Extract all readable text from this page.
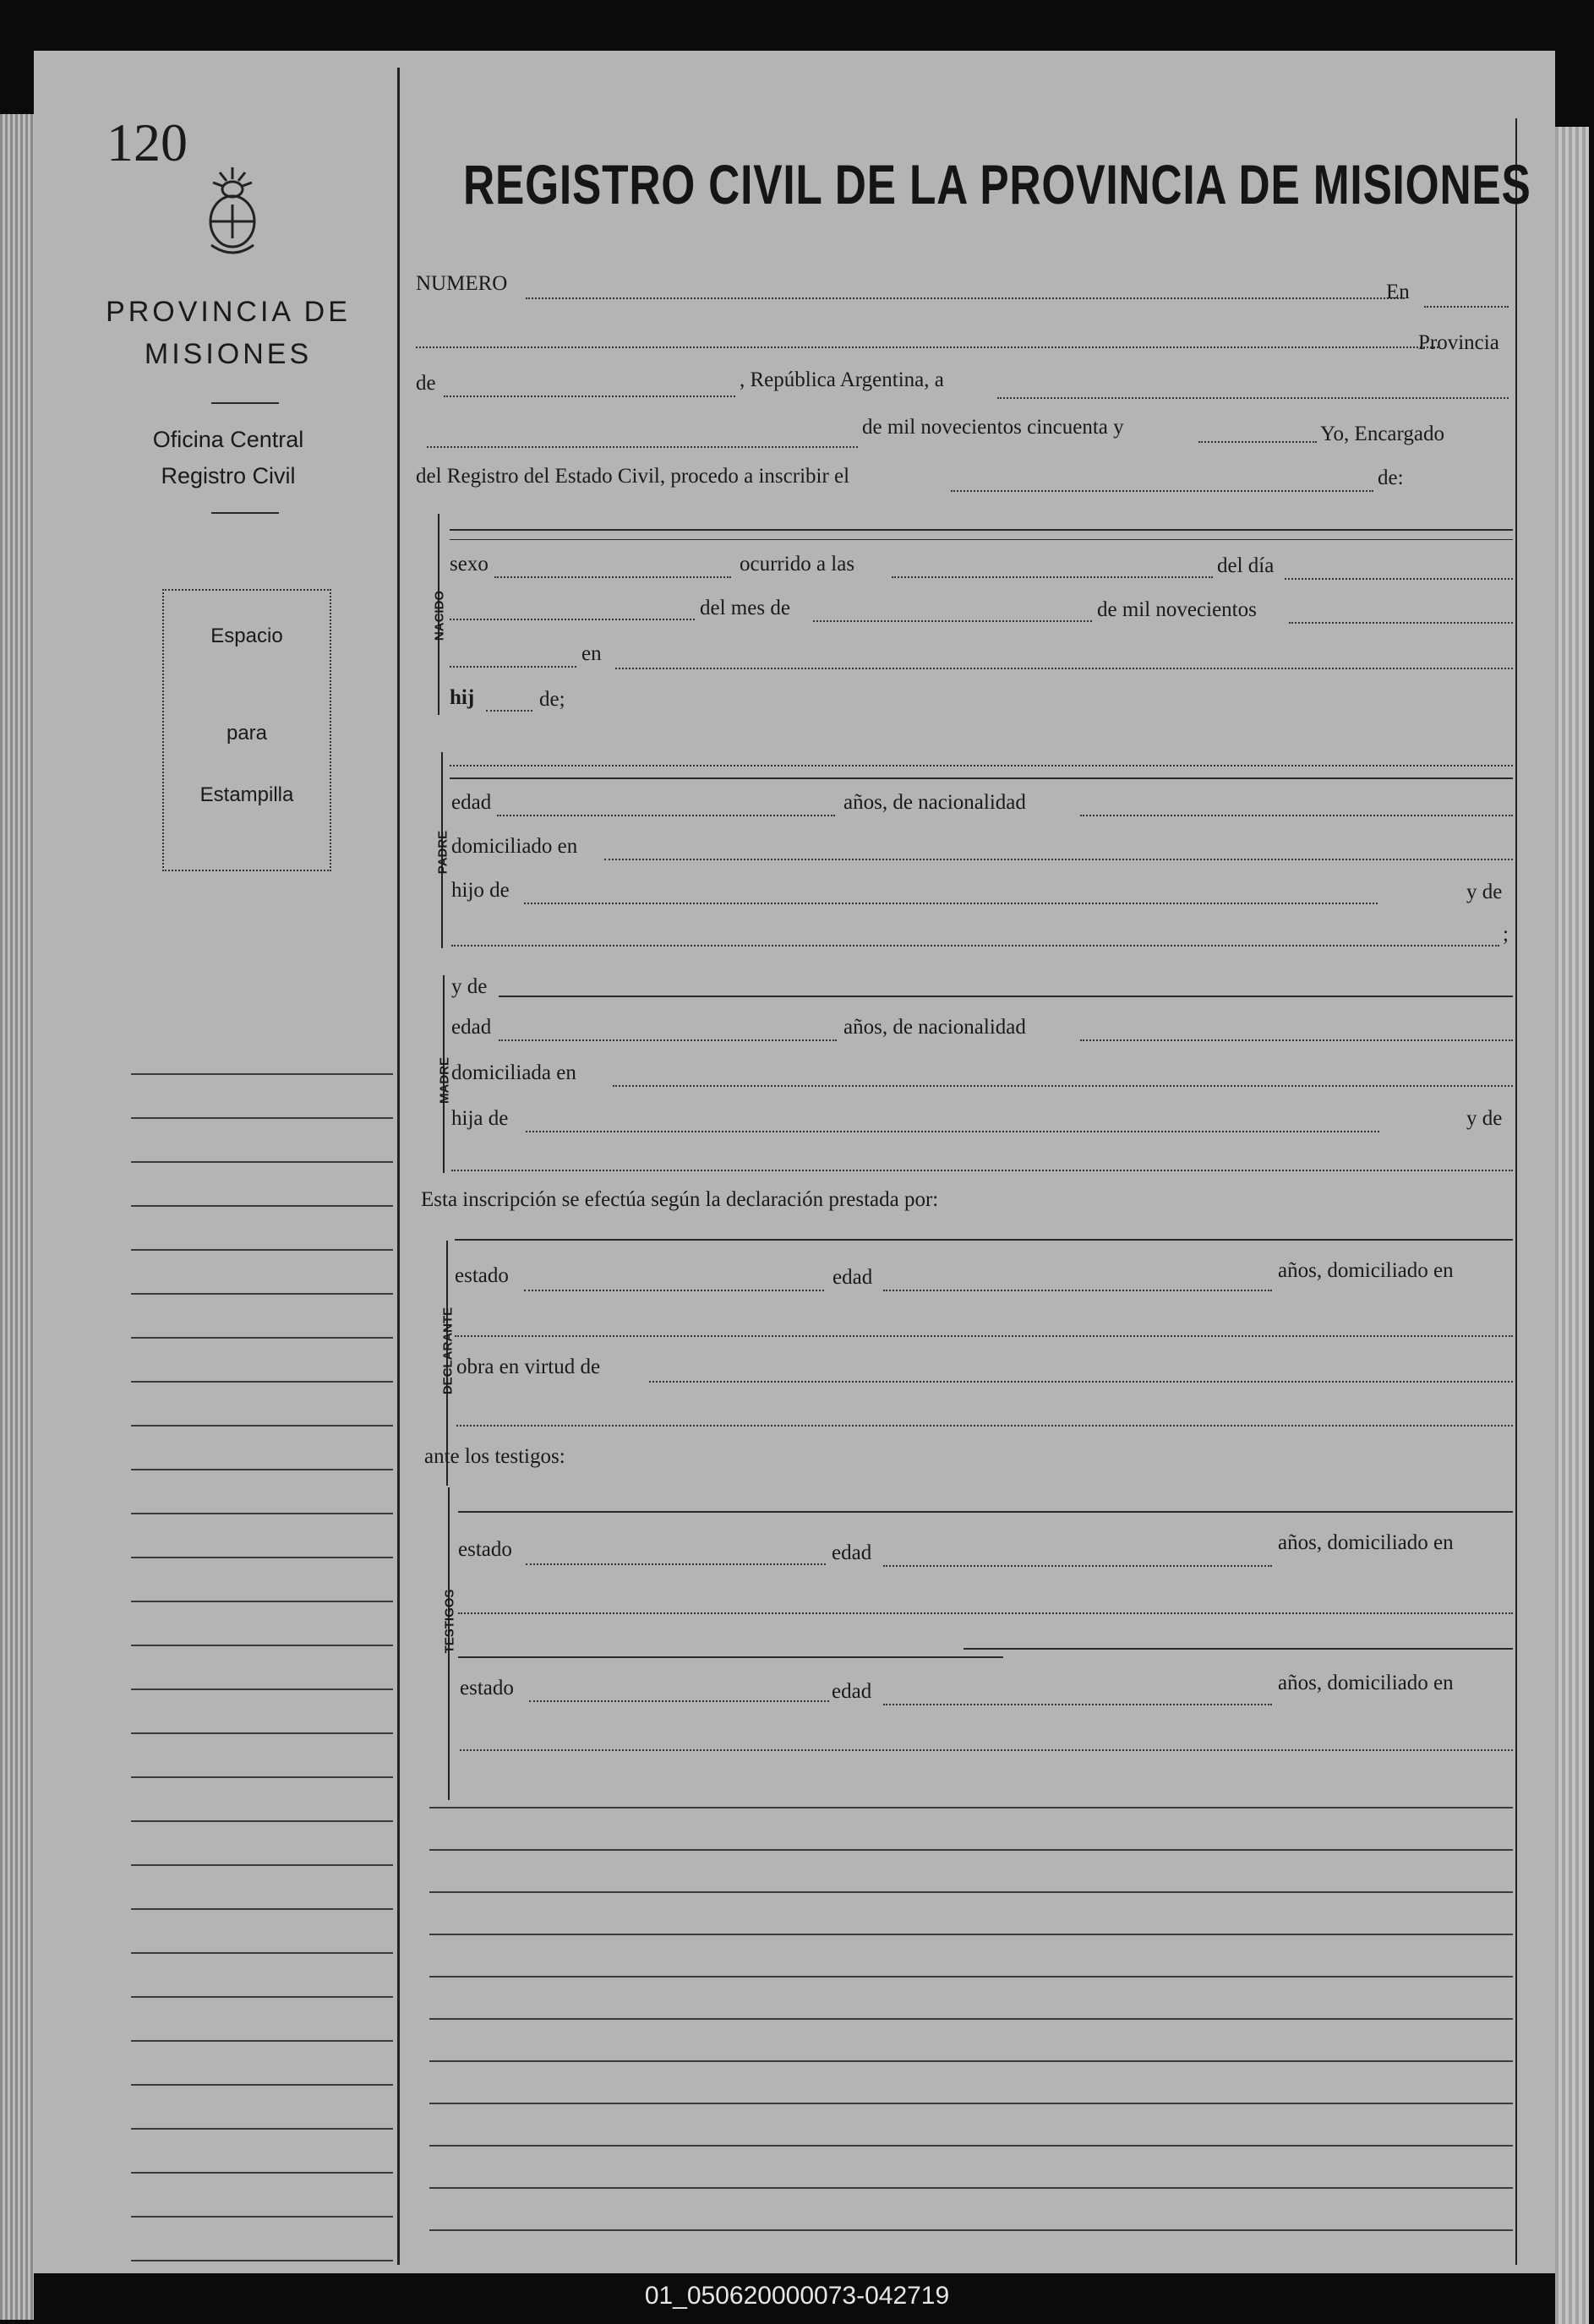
120
PROVINCIA DE
MISIONES
Oficina Central
Registro Civil
Espacio
para
Estampilla
REGISTRO CIVIL DE LA PROVINCIA DE MISIONES
NUMERO	En
Provincia
de	, República Argentina, a
de mil novecientos cincuenta y	Yo, Encargado
del Registro del Estado Civil, procedo a inscribir el	de:
NACIDO
sexo	ocurrido a las	del día
del mes de	de mil novecientos
en
hij	de;
PADRE
edad	años, de nacionalidad
domiciliado en
hijo de	y de
;
MADRE
y de
edad	años, de nacionalidad
domiciliada en
hija de	y de
Esta inscripción se efectúa según la declaración prestada por:
DECLARANTE
estado	edad	años, domiciliado en
obra en virtud de
ante los testigos:
TESTIGOS
estado	edad	años, domiciliado en
estado	edad	años, domiciliado en
01_050620000073-042719
